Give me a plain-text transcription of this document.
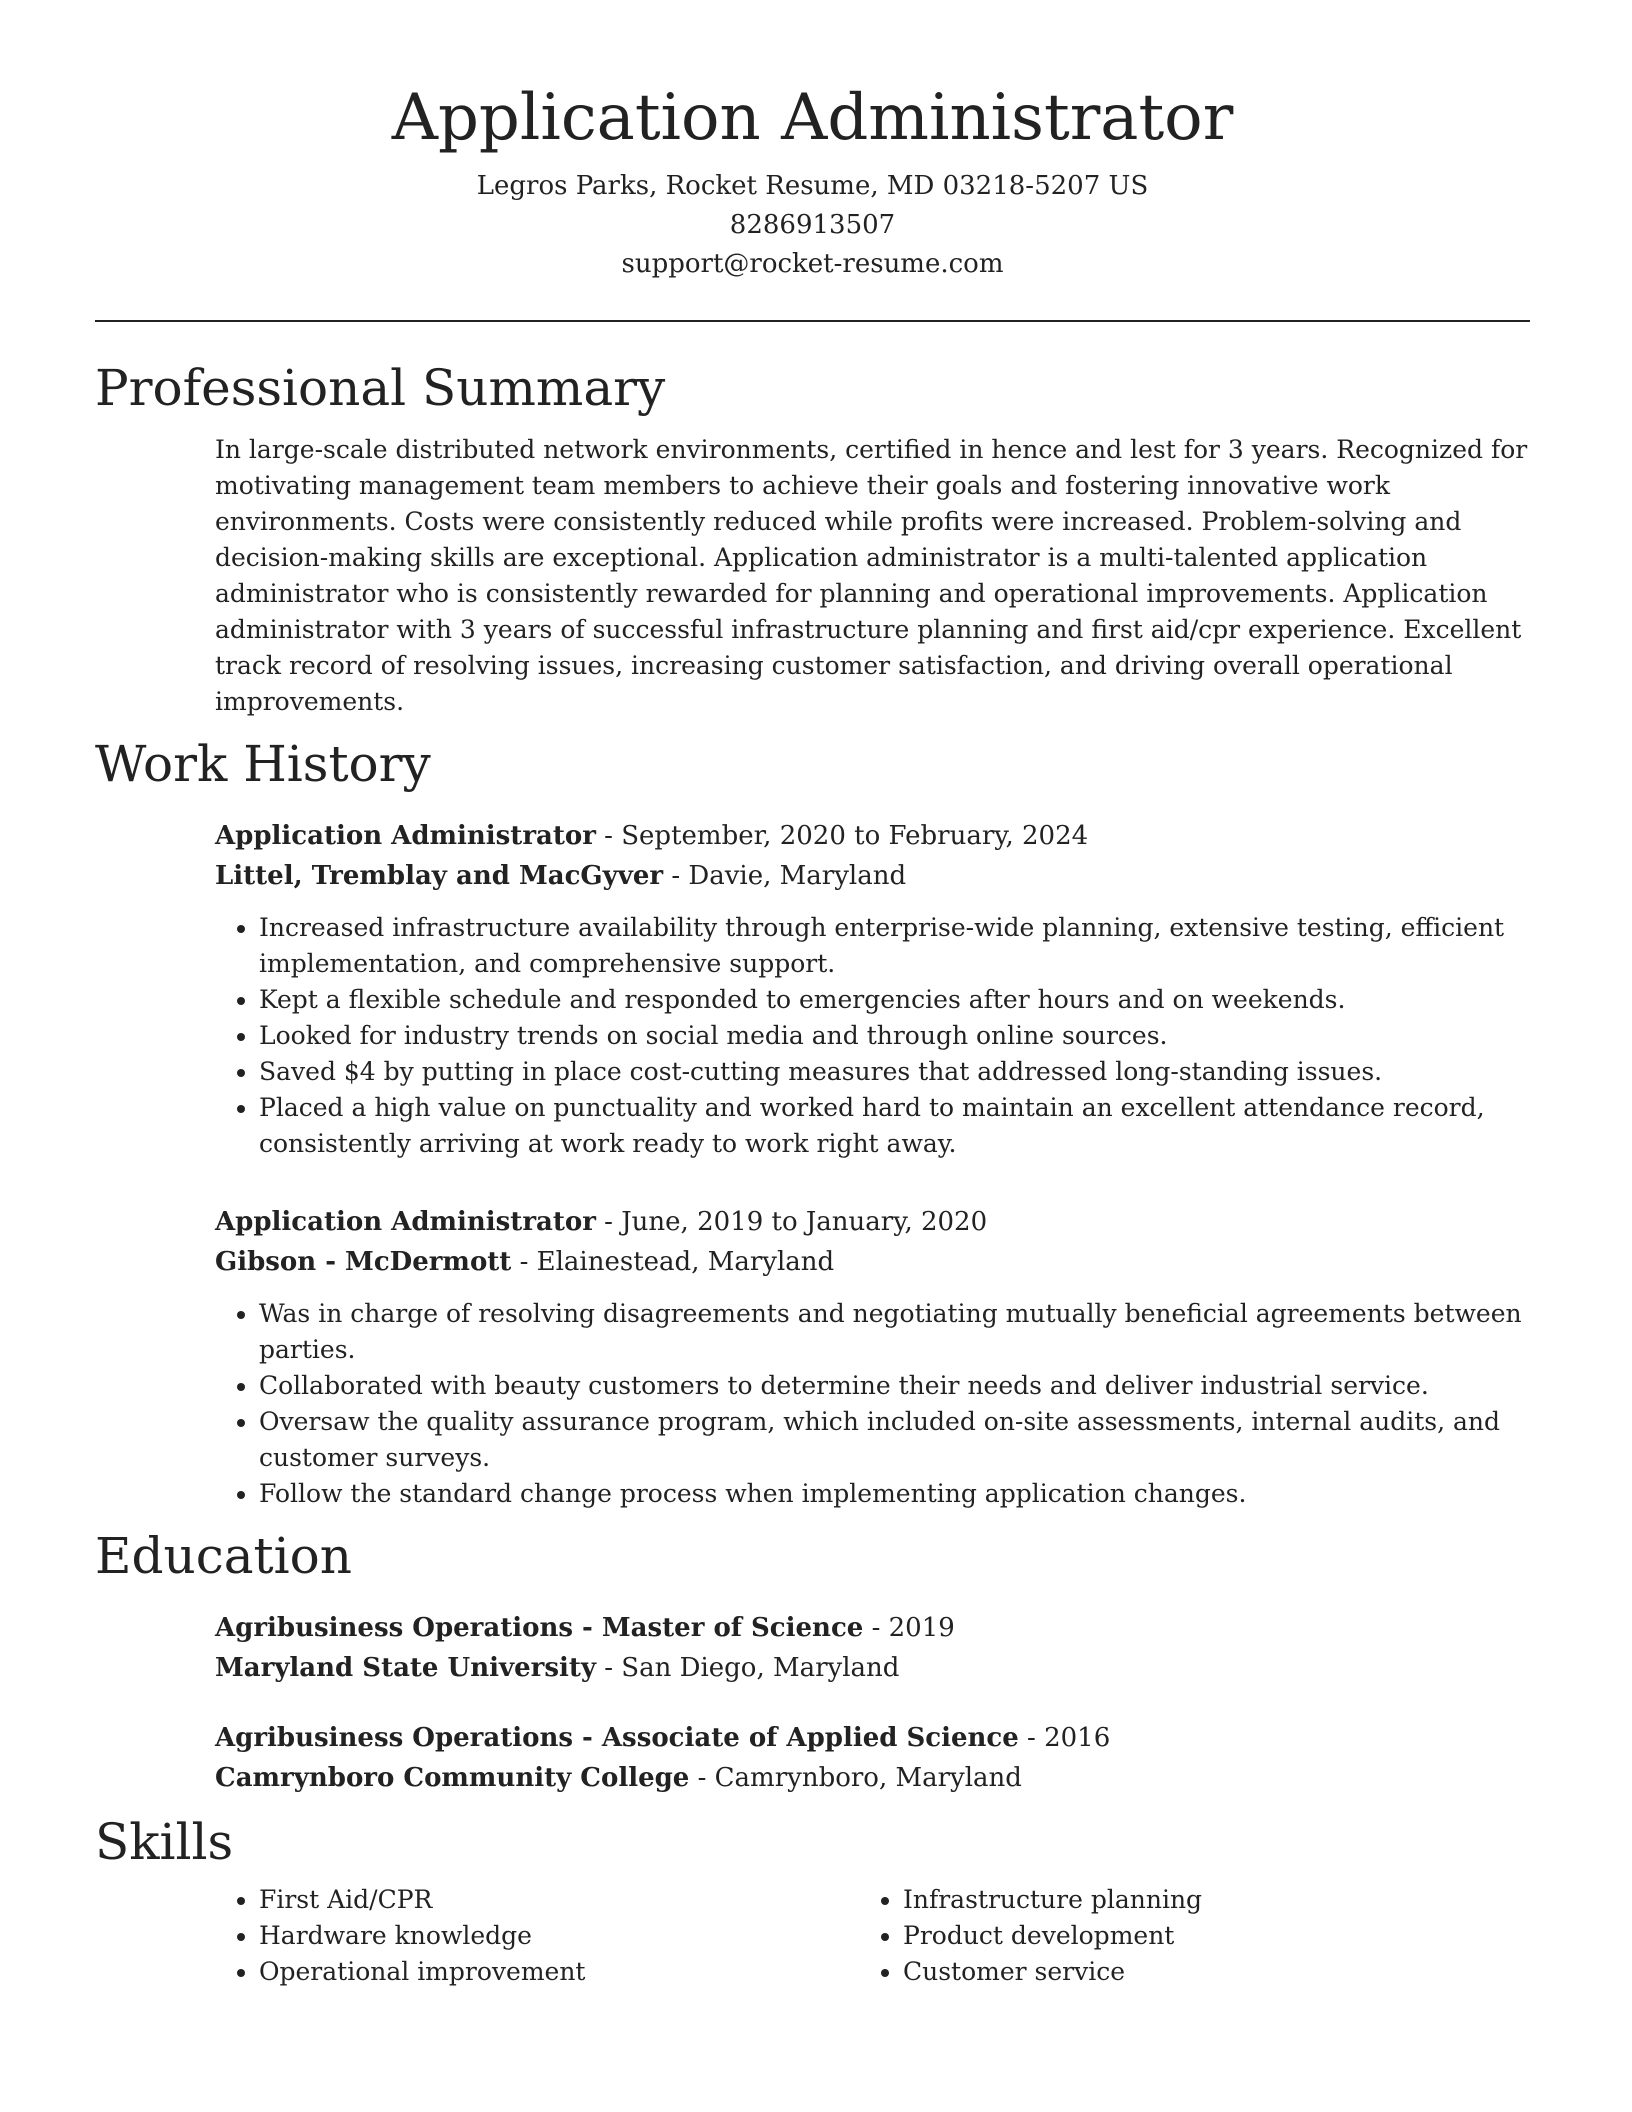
Application Administrator
Legros Parks, Rocket Resume, MD 03218-5207 US
8286913507
support@rocket-resume.com
Professional Summary
In large-scale distributed network environments, certified in hence and lest for 3 years. Recognized for motivating management team members to achieve their goals and fostering innovative work environments. Costs were consistently reduced while profits were increased. Problem-solving and decision-making skills are exceptional. Application administrator is a multi-talented application administrator who is consistently rewarded for planning and operational improvements. Application administrator with 3 years of successful infrastructure planning and first aid/cpr experience. Excellent track record of resolving issues, increasing customer satisfaction, and driving overall operational improvements.
Work History
Application Administrator - September, 2020 to February, 2024
Littel, Tremblay and MacGyver - Davie, Maryland
• Increased infrastructure availability through enterprise-wide planning, extensive testing, efficient implementation, and comprehensive support.
• Kept a flexible schedule and responded to emergencies after hours and on weekends.
• Looked for industry trends on social media and through online sources.
• Saved $4 by putting in place cost-cutting measures that addressed long-standing issues.
• Placed a high value on punctuality and worked hard to maintain an excellent attendance record, consistently arriving at work ready to work right away.
Application Administrator - June, 2019 to January, 2020
Gibson - McDermott - Elainestead, Maryland
• Was in charge of resolving disagreements and negotiating mutually beneficial agreements between parties.
• Collaborated with beauty customers to determine their needs and deliver industrial service.
• Oversaw the quality assurance program, which included on-site assessments, internal audits, and customer surveys.
• Follow the standard change process when implementing application changes.
Education
Agribusiness Operations - Master of Science - 2019
Maryland State University - San Diego, Maryland
Agribusiness Operations - Associate of Applied Science - 2016
Camrynboro Community College - Camrynboro, Maryland
Skills
• First Aid/CPR
• Hardware knowledge
• Operational improvement
• Infrastructure planning
• Product development
• Customer service
